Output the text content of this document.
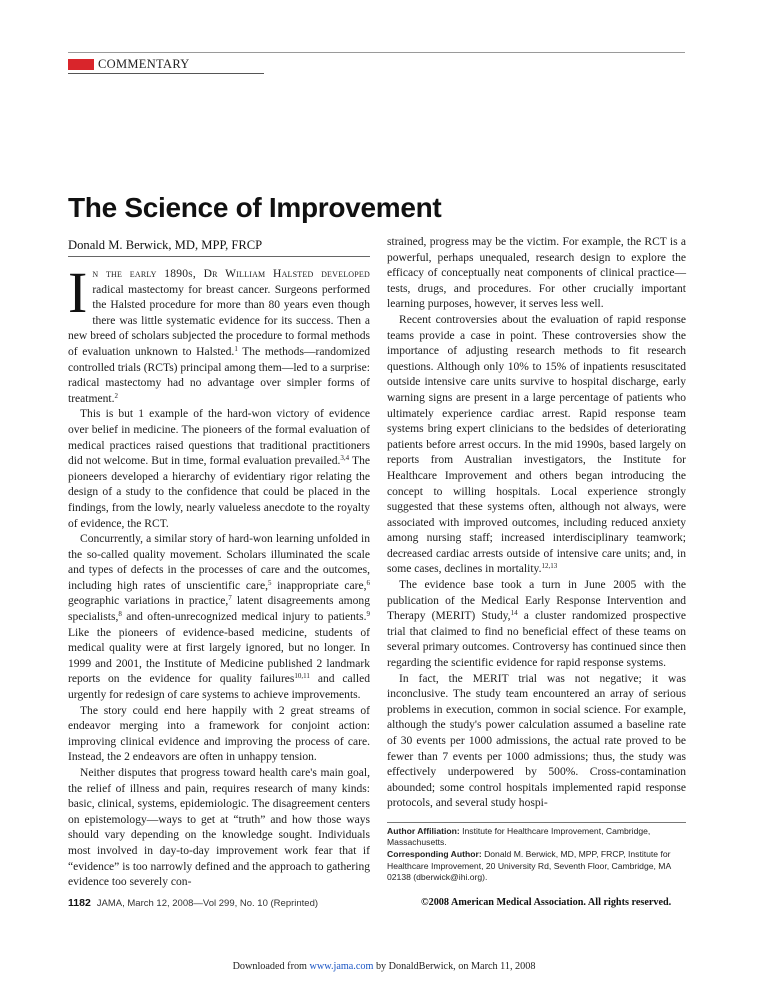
COMMENTARY
The Science of Improvement
Donald M. Berwick, MD, MPP, FRCP

In the early 1890s, Dr William Halsted developed radical mastectomy for breast cancer. Surgeons performed the Halsted procedure for more than 80 years even though there was little systematic evidence for its success. Then a new breed of scholars subjected the procedure to formal methods of evaluation unknown to Halsted.$^1$ The methods—randomized controlled trials (RCTs) principal among them—led to a surprise: radical mastectomy had no advantage over simpler forms of treatment.$^2$

This is but 1 example of the hard-won victory of evidence over belief in medicine. The pioneers of the formal evaluation of medical practices raised questions that traditional practitioners did not welcome. But in time, formal evaluation prevailed.$^{3,4}$ The pioneers developed a hierarchy of evidentiary rigor relating the design of a study to the confidence that could be placed in the findings, from the lowly, nearly valueless anecdote to the royalty of evidence, the RCT.

Concurrently, a similar story of hard-won learning unfolded in the so-called quality movement. Scholars illuminated the scale and types of defects in the processes of care and the outcomes, including high rates of unscientific care,$^5$ inappropriate care,$^6$ geographic variations in practice,$^7$ latent disagreements among specialists,$^8$ and often-unrecognized medical injury to patients.$^9$ Like the pioneers of evidence-based medicine, students of medical quality were at first largely ignored, but no longer. In 1999 and 2001, the Institute of Medicine published 2 landmark reports on the evidence for quality failures$^{10,11}$ and called urgently for redesign of care systems to achieve improvements.

The story could end here happily with 2 great streams of endeavor merging into a framework for conjoint action: improving clinical evidence and improving the process of care. Instead, the 2 endeavors are often in unhappy tension.

Neither disputes that progress toward health care's main goal, the relief of illness and pain, requires research of many kinds: basic, clinical, systems, epidemiologic. The disagreement centers on epistemology—ways to get at “truth” and how those ways should vary depending on the knowledge sought. Individuals most involved in day-to-day improvement work fear that if “evidence” is too narrowly defined and the approach to gathering evidence too severely con-

strained, progress may be the victim. For example, the RCT is a powerful, perhaps unequaled, research design to explore the efficacy of conceptually neat components of clinical practice—tests, drugs, and procedures. For other crucially important learning purposes, however, it serves less well.

Recent controversies about the evaluation of rapid response teams provide a case in point. These controversies show the importance of adjusting research methods to fit research questions. Although only 10% to 15% of inpatients resuscitated outside intensive care units survive to hospital discharge, early warning signs are present in a large percentage of patients who ultimately experience cardiac arrest. Rapid response team systems bring expert clinicians to the bedsides of deteriorating patients before arrest occurs. In the mid 1990s, based largely on reports from Australian investigators, the Institute for Healthcare Improvement and others began introducing the concept to willing hospitals. Local experience strongly suggested that these systems often, although not always, were associated with improved outcomes, including reduced anxiety among nursing staff; increased interdisciplinary teamwork; decreased cardiac arrests outside of intensive care units; and, in some cases, declines in mortality.$^{12,13}$

The evidence base took a turn in June 2005 with the publication of the Medical Early Response Intervention and Therapy (MERIT) Study,$^{14}$ a cluster randomized prospective trial that claimed to find no beneficial effect of these teams on several primary outcomes. Controversy has continued since then regarding the scientific evidence for rapid response systems.

In fact, the MERIT trial was not negative; it was inconclusive. The study team encountered an array of serious problems in execution, common in social science. For example, although the study's power calculation assumed a baseline rate of 30 events per 1000 admissions, the actual rate proved to be fewer than 7 events per 1000 admissions; thus, the study was effectively underpowered by 500%. Cross-contamination abounded; some control hospitals implemented rapid response protocols, and several study hospi-

Author Affiliation: Institute for Healthcare Improvement, Cambridge, Massachusetts.
Corresponding Author: Donald M. Berwick, MD, MPP, FRCP, Institute for Healthcare Improvement, 20 University Rd, Seventh Floor, Cambridge, MA 02138 (dberwick@ihi.org).
1182 JAMA, March 12, 2008—Vol 299, No. 10 (Reprinted)	©2008 American Medical Association. All rights reserved.
Downloaded from www.jama.com by DonaldBerwick, on March 11, 2008
